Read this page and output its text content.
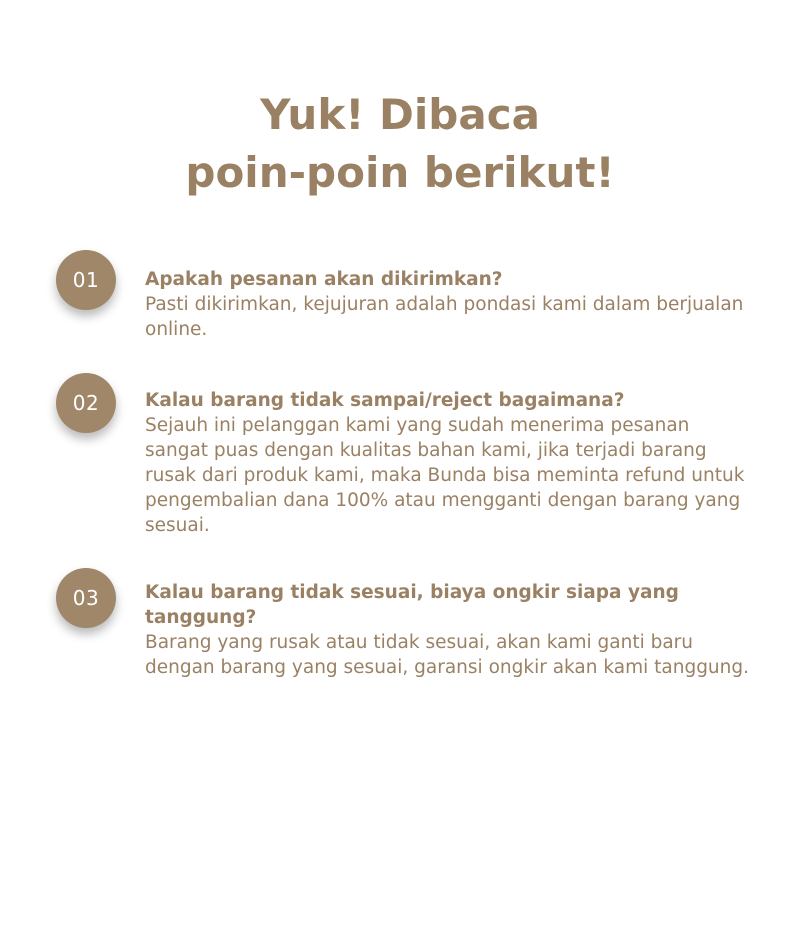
Yuk! Dibaca
poin-poin berikut!
01	Apakah pesanan akan dikirimkan?

Pasti dikirimkan, kejujuran adalah pondasi kami dalam berjualan online.

02	Kalau barang tidak sampai/reject bagaimana?

Sejauh ini pelanggan kami yang sudah menerima pesanan sangat puas dengan kualitas bahan kami, jika terjadi barang rusak dari produk kami, maka Bunda bisa meminta refund untuk pengembalian dana 100% atau mengganti dengan barang yang sesuai.

03	Kalau barang tidak sesuai, biaya ongkir siapa yang tanggung?

Barang yang rusak atau tidak sesuai, akan kami ganti baru dengan barang yang sesuai, garansi ongkir akan kami tanggung.
